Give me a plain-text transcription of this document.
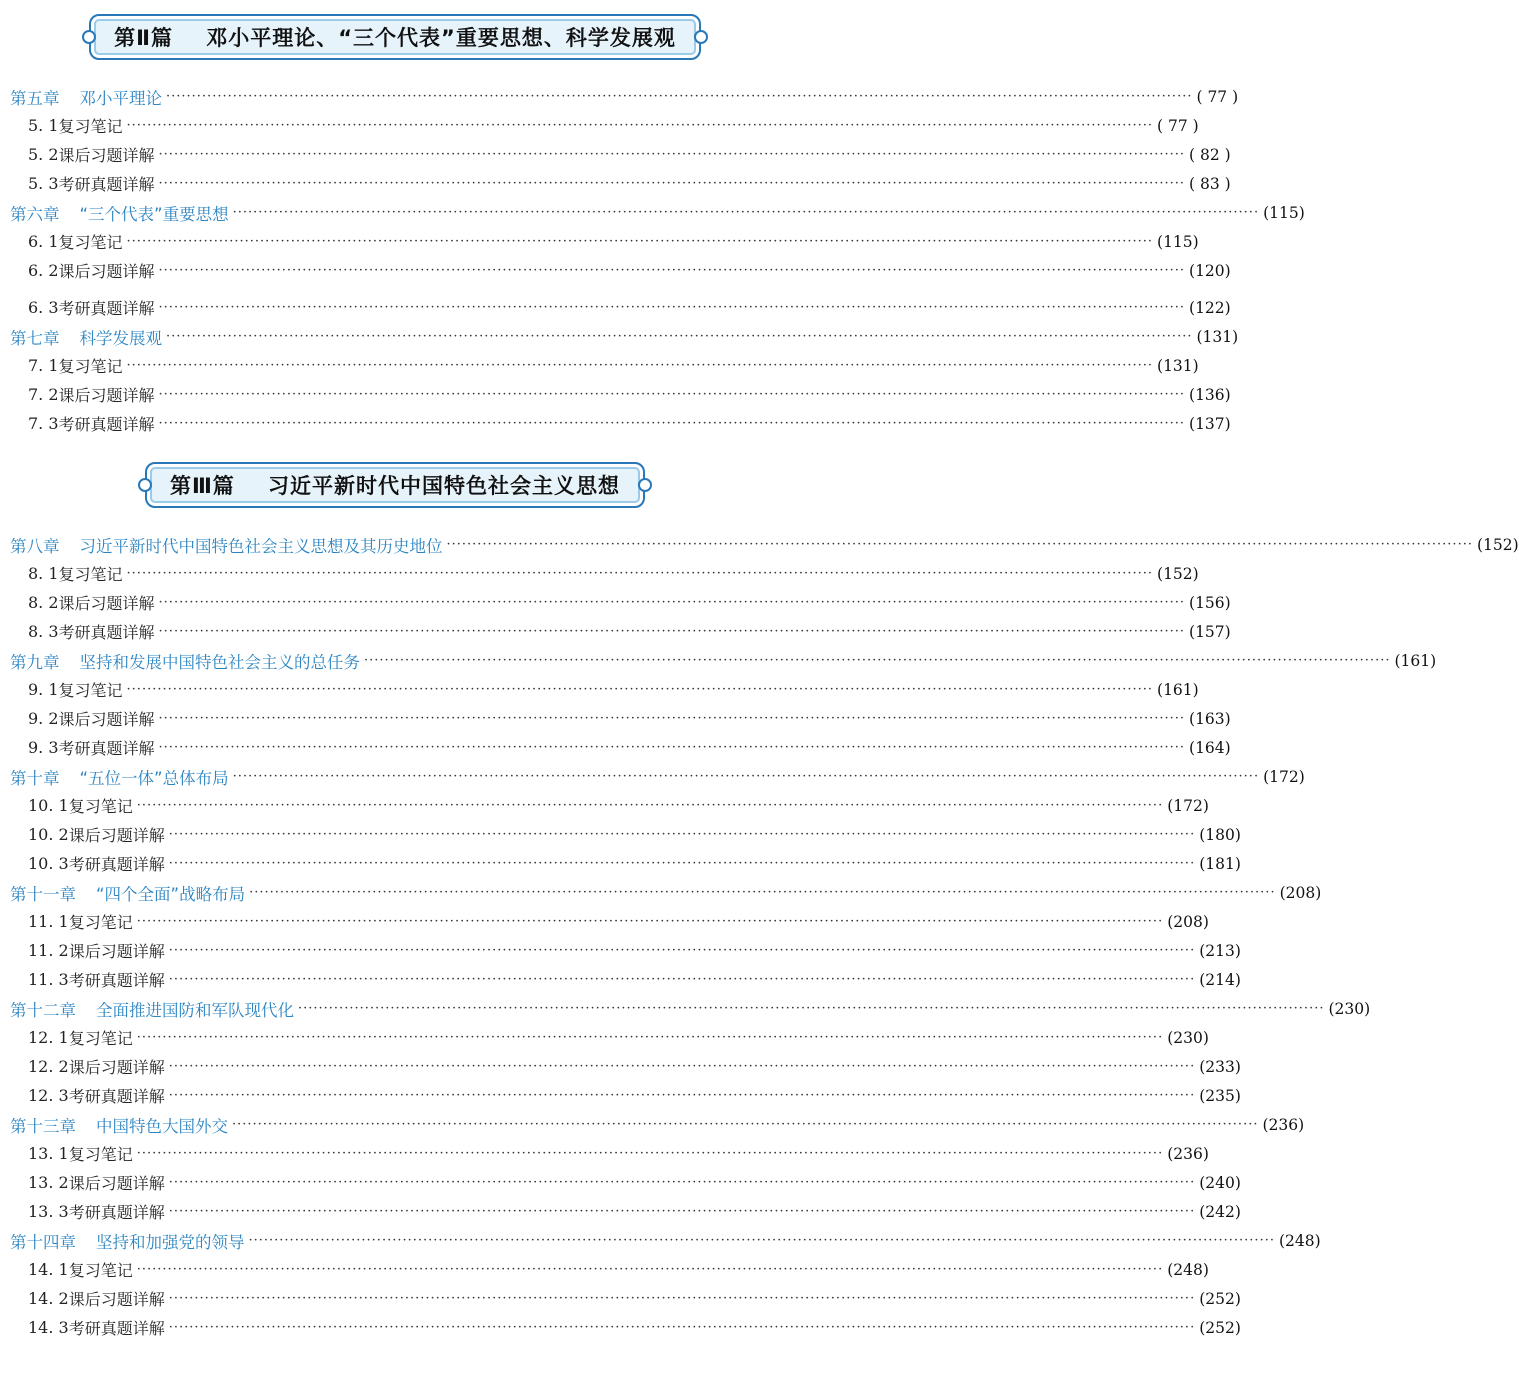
第Ⅱ篇    邓小平理论、“三个代表”重要思想、科学发展观
第Ⅲ篇    习近平新时代中国特色社会主义思想
第五章 邓小平理论 ········································································································································································································ ( 77 )
5. 1 复习笔记 ········································································································································································································ ( 77 )
5. 2 课后习题详解 ········································································································································································································ ( 82 )
5. 3 考研真题详解 ········································································································································································································ ( 83 )
第六章 “三个代表”重要思想 ········································································································································································································ (115)
6. 1 复习笔记 ········································································································································································································ (115)
6. 2 课后习题详解 ········································································································································································································ (120)
6. 3 考研真题详解 ········································································································································································································ (122)
第七章 科学发展观 ········································································································································································································ (131)
7. 1 复习笔记 ········································································································································································································ (131)
7. 2 课后习题详解 ········································································································································································································ (136)
7. 3 考研真题详解 ········································································································································································································ (137)
第八章 习近平新时代中国特色社会主义思想及其历史地位 ········································································································································································································ (152)
8. 1 复习笔记 ········································································································································································································ (152)
8. 2 课后习题详解 ········································································································································································································ (156)
8. 3 考研真题详解 ········································································································································································································ (157)
第九章 坚持和发展中国特色社会主义的总任务 ········································································································································································································ (161)
9. 1 复习笔记 ········································································································································································································ (161)
9. 2 课后习题详解 ········································································································································································································ (163)
9. 3 考研真题详解 ········································································································································································································ (164)
第十章 “五位一体”总体布局 ········································································································································································································ (172)
10. 1 复习笔记 ········································································································································································································ (172)
10. 2 课后习题详解 ········································································································································································································ (180)
10. 3 考研真题详解 ········································································································································································································ (181)
第十一章 “四个全面”战略布局 ········································································································································································································ (208)
11. 1 复习笔记 ········································································································································································································ (208)
11. 2 课后习题详解 ········································································································································································································ (213)
11. 3 考研真题详解 ········································································································································································································ (214)
第十二章 全面推进国防和军队现代化 ········································································································································································································ (230)
12. 1 复习笔记 ········································································································································································································ (230)
12. 2 课后习题详解 ········································································································································································································ (233)
12. 3 考研真题详解 ········································································································································································································ (235)
第十三章 中国特色大国外交 ········································································································································································································ (236)
13. 1 复习笔记 ········································································································································································································ (236)
13. 2 课后习题详解 ········································································································································································································ (240)
13. 3 考研真题详解 ········································································································································································································ (242)
第十四章 坚持和加强党的领导 ········································································································································································································ (248)
14. 1 复习笔记 ········································································································································································································ (248)
14. 2 课后习题详解 ········································································································································································································ (252)
14. 3 考研真题详解 ········································································································································································································ (252)
